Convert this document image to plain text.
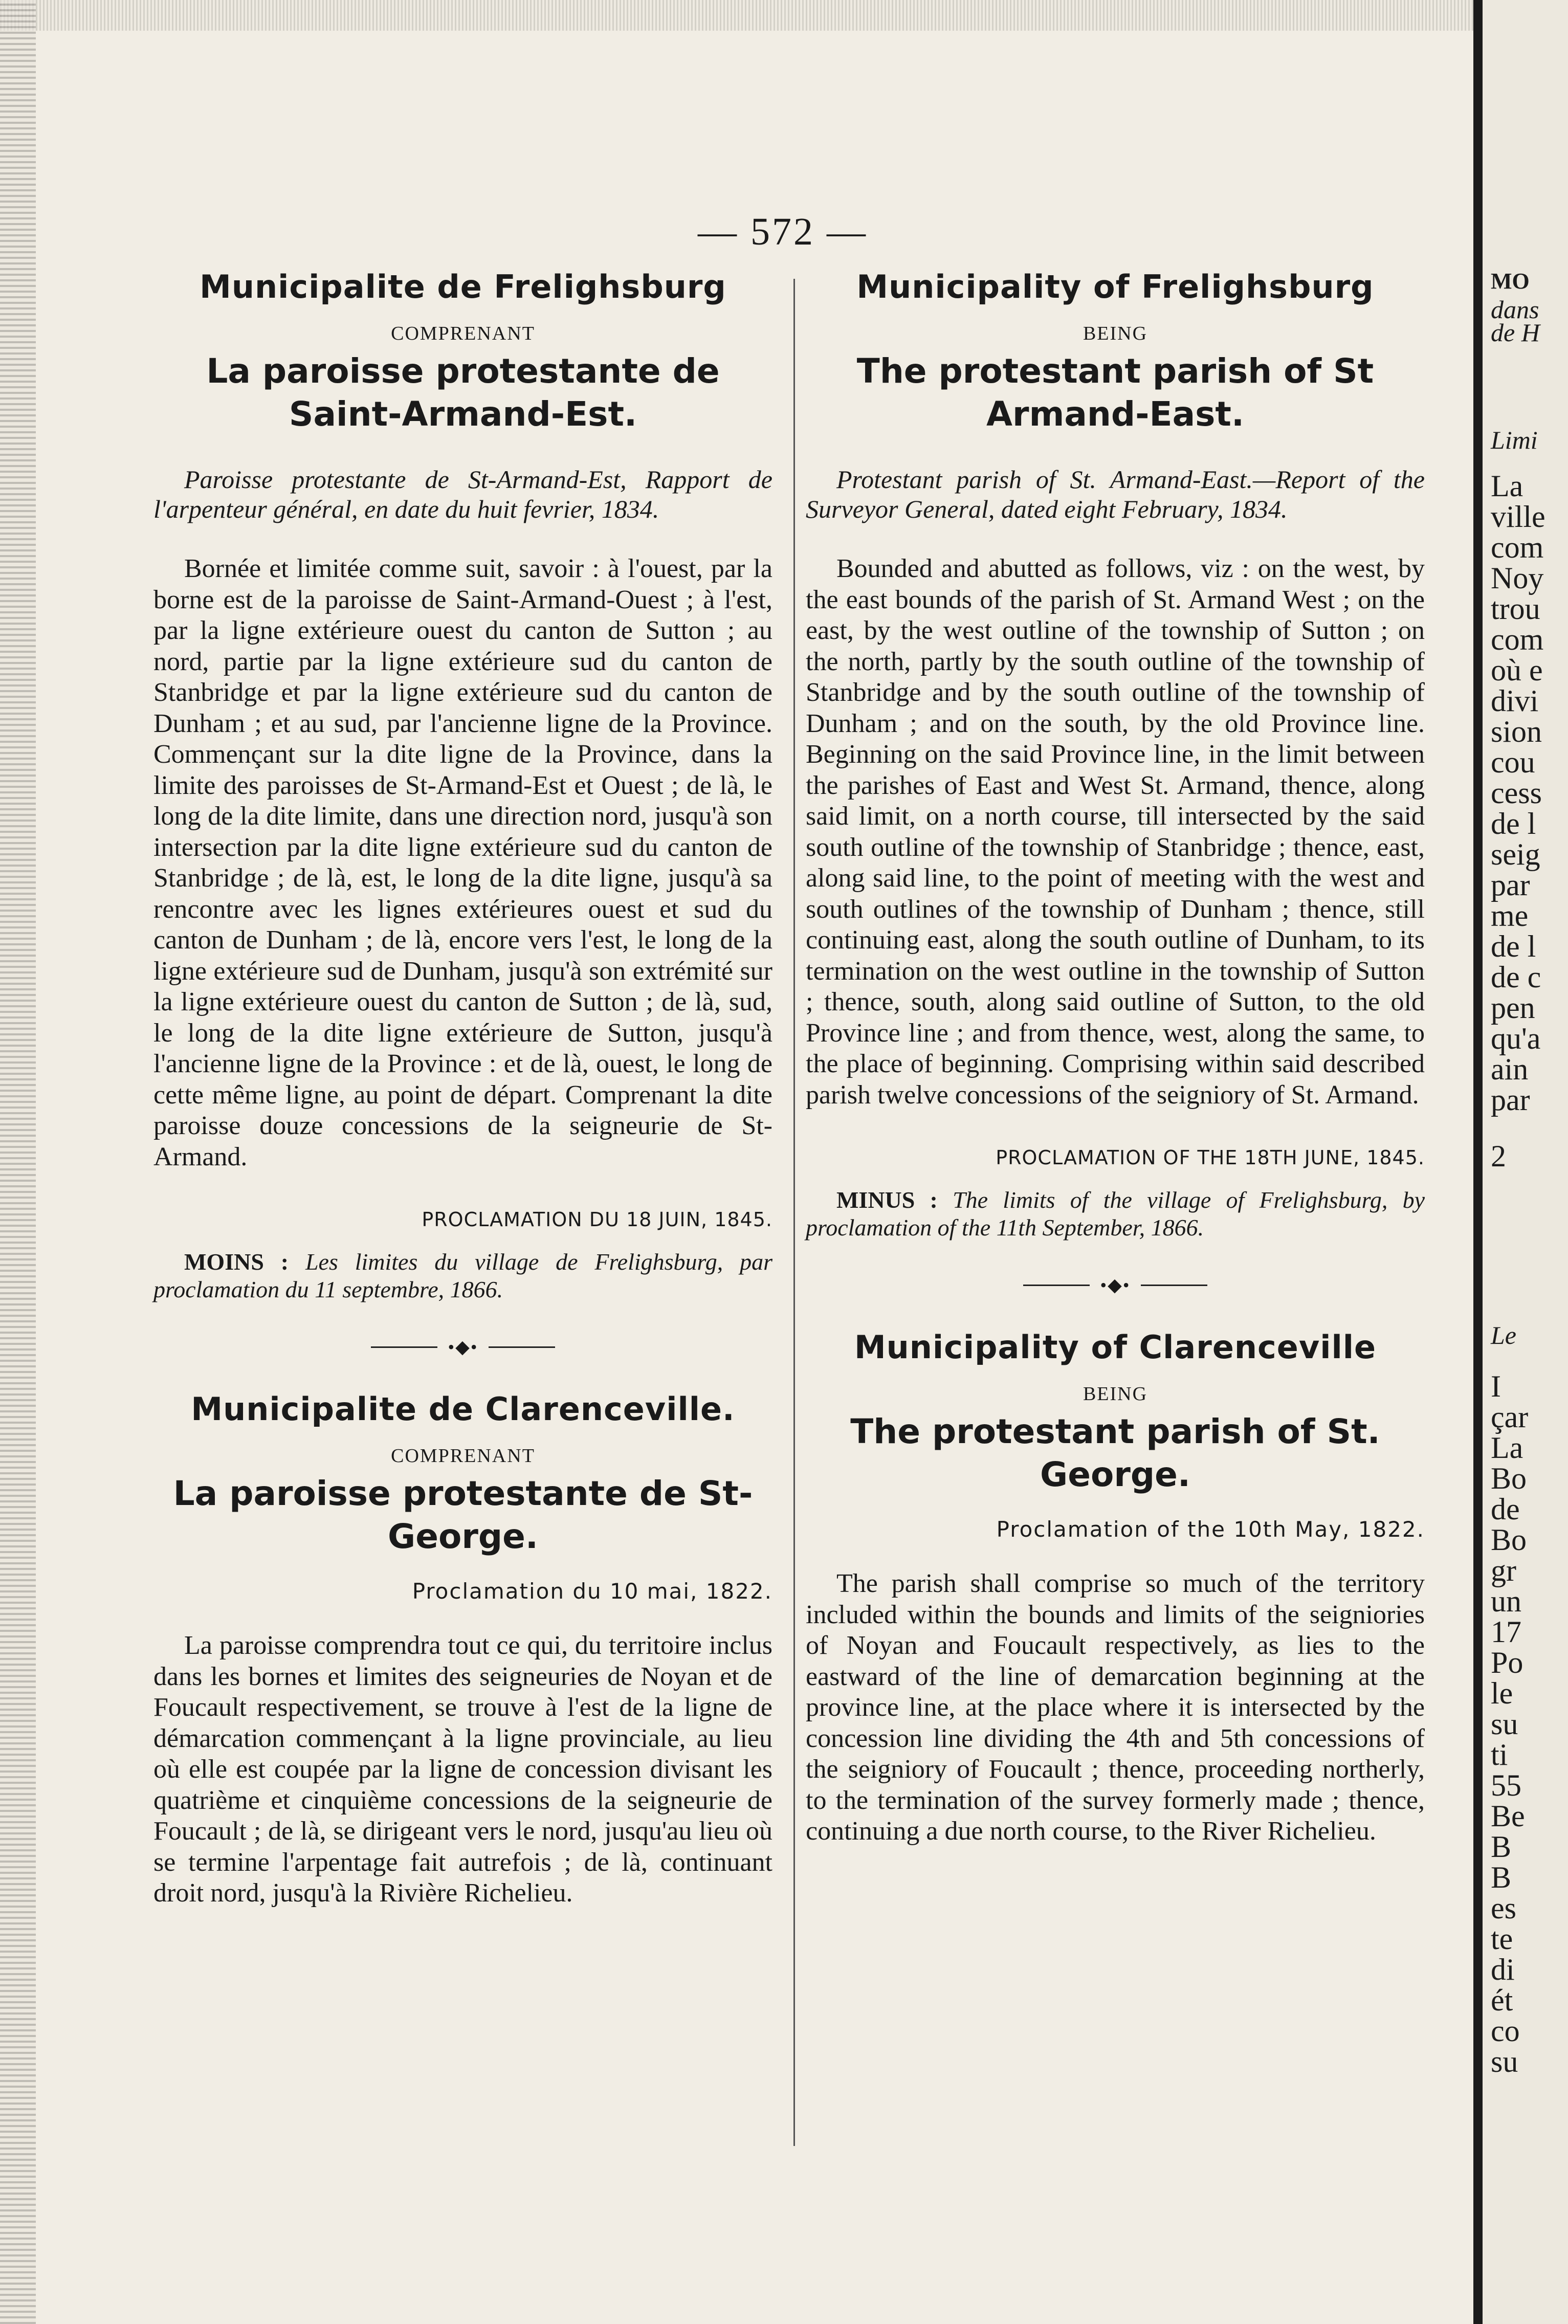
MO
dans
de H
Limi
La
ville
com
Noy
trou
com
où e
divi
sion
cou
cess
de l
seig
par
me
de l
de c
pen
qu'a
ain
par
2
Le
I
çar
La
Bo
de
Bo
gr
un
17
Po
le
su
ti
55
Be
B
B
es
te
di
ét
co
su
— 572 —
Municipalite de Frelighsburg
COMPRENANT
La paroisse protestante de Saint-Armand-Est.

Paroisse protestante de St-Armand-Est, Rapport de l'arpenteur général, en date du huit fevrier, 1834.

Bornée et limitée comme suit, savoir : à l'ouest, par la borne est de la paroisse de Saint-Armand-Ouest ; à l'est, par la ligne extérieure ouest du canton de Sutton ; au nord, partie par la ligne extérieure sud du canton de Stanbridge et par la ligne extérieure sud du canton de Dunham ; et au sud, par l'ancienne ligne de la Province. Commençant sur la dite ligne de la Province, dans la limite des paroisses de St-Armand-Est et Ouest ; de là, le long de la dite limite, dans une direction nord, jusqu'à son intersection par la dite ligne extérieure sud du canton de Stanbridge ; de là, est, le long de la dite ligne, jusqu'à sa rencontre avec les lignes extérieures ouest et sud du canton de Dunham ; de là, encore vers l'est, le long de la ligne extérieure sud de Dunham, jusqu'à son extrémité sur la ligne extérieure ouest du canton de Sutton ; de là, sud, le long de la dite ligne extérieure de Sutton, jusqu'à l'ancienne ligne de la Province : et de là, ouest, le long de cette même ligne, au point de départ. Comprenant la dite paroisse douze concessions de la seigneurie de St-Armand.

PROCLAMATION DU 18 JUIN, 1845.

MOINS : Les limites du village de Frelighsburg, par proclamation du 11 septembre, 1866.

•◆•
Municipalite de Clarenceville.
COMPRENANT
La paroisse protestante de St-George.
Proclamation du 10 mai, 1822.

La paroisse comprendra tout ce qui, du territoire inclus dans les bornes et limites des seigneuries de Noyan et de Foucault respectivement, se trouve à l'est de la ligne de démarcation commençant à la ligne provinciale, au lieu où elle est coupée par la ligne de concession divisant les quatrième et cinquième concessions de la seigneurie de Foucault ; de là, se dirigeant vers le nord, jusqu'au lieu où se termine l'arpentage fait autrefois ; de là, continuant droit nord, jusqu'à la Rivière Richelieu.

Municipality of Frelighsburg
BEING
The protestant parish of St Armand-East.

Protestant parish of St. Armand-East.—Report of the Surveyor General, dated eight February, 1834.

Bounded and abutted as follows, viz : on the west, by the east bounds of the parish of St. Armand West ; on the east, by the west outline of the township of Sutton ; on the north, partly by the south outline of the township of Stanbridge and by the south outline of the township of Dunham ; and on the south, by the old Province line. Beginning on the said Province line, in the limit between the parishes of East and West St. Armand, thence, along said limit, on a north course, till intersected by the said south outline of the township of Stanbridge ; thence, east, along said line, to the point of meeting with the west and south outlines of the township of Dunham ; thence, still continuing east, along the south outline of Dunham, to its termination on the west outline in the township of Sutton ; thence, south, along said outline of Sutton, to the old Province line ; and from thence, west, along the same, to the place of beginning. Comprising within said described parish twelve concessions of the seigniory of St. Armand.

PROCLAMATION OF THE 18TH JUNE, 1845.

MINUS : The limits of the village of Frelighsburg, by proclamation of the 11th September, 1866.

•◆•
Municipality of Clarenceville
BEING
The protestant parish of St. George.
Proclamation of the 10th May, 1822.

The parish shall comprise so much of the territory included within the bounds and limits of the seigniories of Noyan and Foucault respectively, as lies to the eastward of the line of demarcation beginning at the province line, at the place where it is intersected by the concession line dividing the 4th and 5th concessions of the seigniory of Foucault ; thence, proceeding northerly, to the termination of the survey formerly made ; thence, continuing a due north course, to the River Richelieu.
